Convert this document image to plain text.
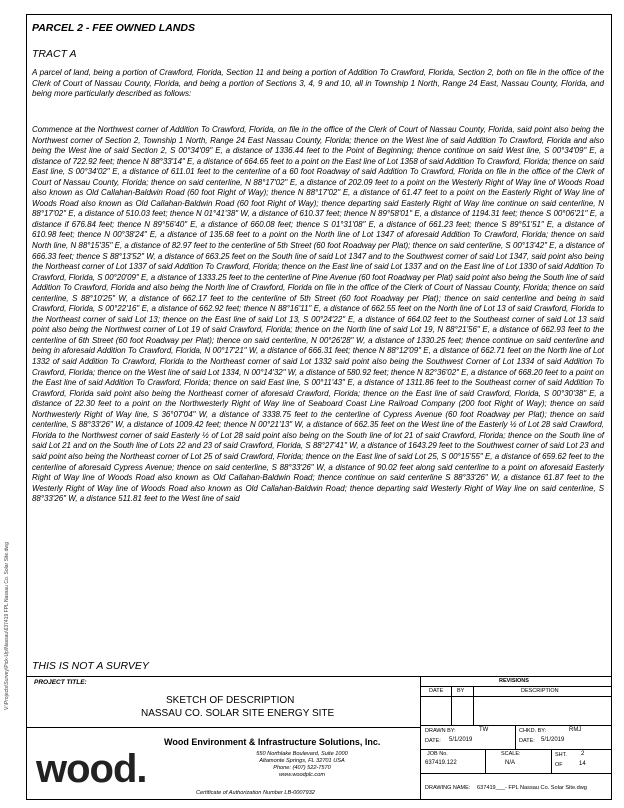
V:\Projects\Survey\Pick-Up\Nassau\637419 FPL Nassau Co. Solar Site.dwg
PARCEL 2 - FEE OWNED LANDS
TRACT A
A parcel of land, being a portion of Crawford, Florida, Section 11 and being a portion of Addition To Crawford, Florida, Section 2, both on file in the office of the Clerk of Court of Nassau County, Florida, and being a portion of Sections 3, 4, 9 and 10, all in Township 1 North, Range 24 East, Nassau County, Florida, and being more particularly described as follows:
Commence at the Northwest corner of Addition To Crawford, Florida, on file in the office of the Clerk of Court of Nassau County, Florida, said point also being the Northwest corner of Section 2, Township 1 North, Range 24 East Nassau County, Florida; thence on the West line of said Addition To Crawford, Florida and also being the West line of said Section 2, S 00°34'09" E, a distance of 1336.44 feet to the Point of Beginning; thence continue on said West line, S 00°34'09" E, a distance of 722.92 feet; thence N 88°33'14" E, a distance of 664.65 feet to a point on the East line of Lot 1358 of said Addition To Crawford, Florida; thence on said East line, S 00°34'02" E, a distance of 611.01 feet to the centerline of a 60 foot Roadway of said Addition To Crawford, Florida on file in the office of the Clerk of Court of Nassau County, Florida; thence on said centerline, N 88°17'02" E, a distance of 202.09 feet to a point on the Westerly Right of Way line of Woods Road also known as Old Callahan-Baldwin Road (60 foot Right of Way); thence N 88°17'02" E, a distance of 61.47 feet to a point on the Easterly Right of Way line of Woods Road also known as Old Callahan-Baldwin Road (60 foot Right of Way); thence departing said Easterly Right of Way line continue on said centerline, N 88°17'02" E, a distance of 510.03 feet; thence N 01°41'38" W, a distance of 610.37 feet; thence N 89°58'01" E, a distance of 1194.31 feet; thence S 00°06'21" E, a distance if 676.84 feet; thence N 89°56'40" E, a distance of 660.08 feet; thence S 01°31'08" E, a distance of 661.23 feet; thence S 89°51'51" E, a distance of 610.98 feet; thence N 00°38'24" E, a distance of 135.68 feet to a point on the North line of Lot 1347 of aforesaid Addition To Crawford, Florida; thence on said North line, N 88°15'35" E, a distance of 82.97 feet to the centerline of 5th Street (60 foot Roadway per Plat); thence on said centerline, S 00°13'42" E, a distance of 666.33 feet; thence S 88°13'52" W, a distance of 663.25 feet on the South line of said Lot 1347 and to the Southwest corner of said Lot 1347, said point also being the Northeast corner of Lot 1337 of said Addition To Crawford, Florida; thence on the East line of said Lot 1337 and on the East line of Lot 1330 of said Addition To Crawford, Florida, S 00°20'09" E, a distance of 1333.25 feet to the centerline of Pine Avenue (60 foot Roadway per Plat) said point also being the South line of said Addition To Crawford, Florida and also being the North line of Crawford, Florida on file in the office of the Clerk of Court of Nassau County, Florida; thence on said centerline, S 88°10'25" W, a distance of 662.17 feet to the centerline of 5th Street (60 foot Roadway per Plat); thence on said centerline and being in said Crawford, Florida, S 00°22'16" E, a distance of 662.92 feet; thence N 88°16'11" E, a distance of 662.55 feet on the North line of Lot 13 of said Crawford, Florida to the Northeast corner of said Lot 13; thence on the East line of said Lot 13, S 00°24'22" E, a distance of 664.02 feet to the Southeast corner of said Lot 13 said point also being the Northwest corner of Lot 19 of said Crawford, Florida; thence on the North line of said Lot 19, N 88°21'56" E, a distance of 662.93 feet to the centerline of 6th Street (60 foot Roadway per Plat); thence on said centerline, N 00°26'28" W, a distance of 1330.25 feet; thence continue on said centerline and being in aforesaid Addition To Crawford, Florida, N 00°17'21" W, a distance of 666.31 feet; thence N 88°12'09" E, a distance of 662.71 feet on the North line of Lot 1332 of said Addition To Crawford, Florida to the Northeast corner of said Lot 1332 said point also being the Southwest Corner of Lot 1334 of said Addition To Crawford, Florida; thence on the West line of said Lot 1334, N 00°14'32" W, a distance of 580.92 feet; thence N 82°36'02" E, a distance of 668.20 feet to a point on the East line of said Addition To Crawford, Florida; thence on said East line, S 00°11'43" E, a distance of 1311.86 feet to the Southeast corner of said Addition To Crawford, Florida said point also being the Northeast corner of aforesaid Crawford, Florida; thence on the East line of said Crawford, Florida, S 00°30'38" E, a distance of 22.30 feet to a point on the Northwesterly Right of Way line of Seaboard Coast Line Railroad Company (200 foot Right of Way); thence on said Northwesterly Right of Way line, S 36°07'04" W, a distance of 3338.75 feet to the centerline of Cypress Avenue (60 foot Roadway per Plat); thence on said centerline, S 88°33'26" W, a distance of 1009.42 feet; thence N 00°21'13" W, a distance of 662.35 feet on the West line of the Easterly ½ of Lot 28 said Crawford, Florida to the Northwest corner of said Easterly ½ of Lot 28 said point also being on the South line of lot 21 of said Crawford, Florida; thence on the South line of said Lot 21 and on the South line of Lots 22 and 23 of said Crawford, Florida, S 88°27'41" W, a distance of 1643.29 feet to the Southwest corner of said Lot 23 and said point also being the Northeast corner of Lot 25 of said Crawford, Florida; thence on the East line of said Lot 25, S 00°15'55" E, a distance of 659.62 feet to the centerline of aforesaid Cypress Avenue; thence on said centerline, S 88°33'26" W, a distance of 90.02 feet along said centerline to a point on aforesaid Easterly Right of Way line of Woods Road also known as Old Callahan-Baldwin Road; thence continue on said centerline S 88°33'26" W, a distance 61.87 feet to the Westerly Right of Way line of Woods Road also known as Old Callahan-Baldwin Road; thence departing said Westerly Right of Way line on said centerline, S 88°33'26" W, a distance 511.81 feet to the West line of said
THIS IS NOT A SURVEY
PROJECT TITLE:
SKETCH OF DESCRIPTION
NASSAU CO. SOLAR SITE ENERGY SITE
wood.
Wood Environment & Infrastructure Solutions, Inc.
550 Northlake Boulevard, Suite 1000
Altamonte Springs, FL 32701 USA
Phone: (407) 522-7570
www.woodplc.com
Certificate of Authorization Number LB-0007932
REVISIONS
DATE BY	DESCRIPTION
DRAWN BY:	TW
DATE: 5/1/2019
CHKD. BY:	RMJ
DATE: 5/1/2019
JOB No.
637419.122
SCALE:
N/A
SHT. 2
OF	14
DRAWING NAME: 637419___- FPL Nassau Co. Solar Site.dwg
